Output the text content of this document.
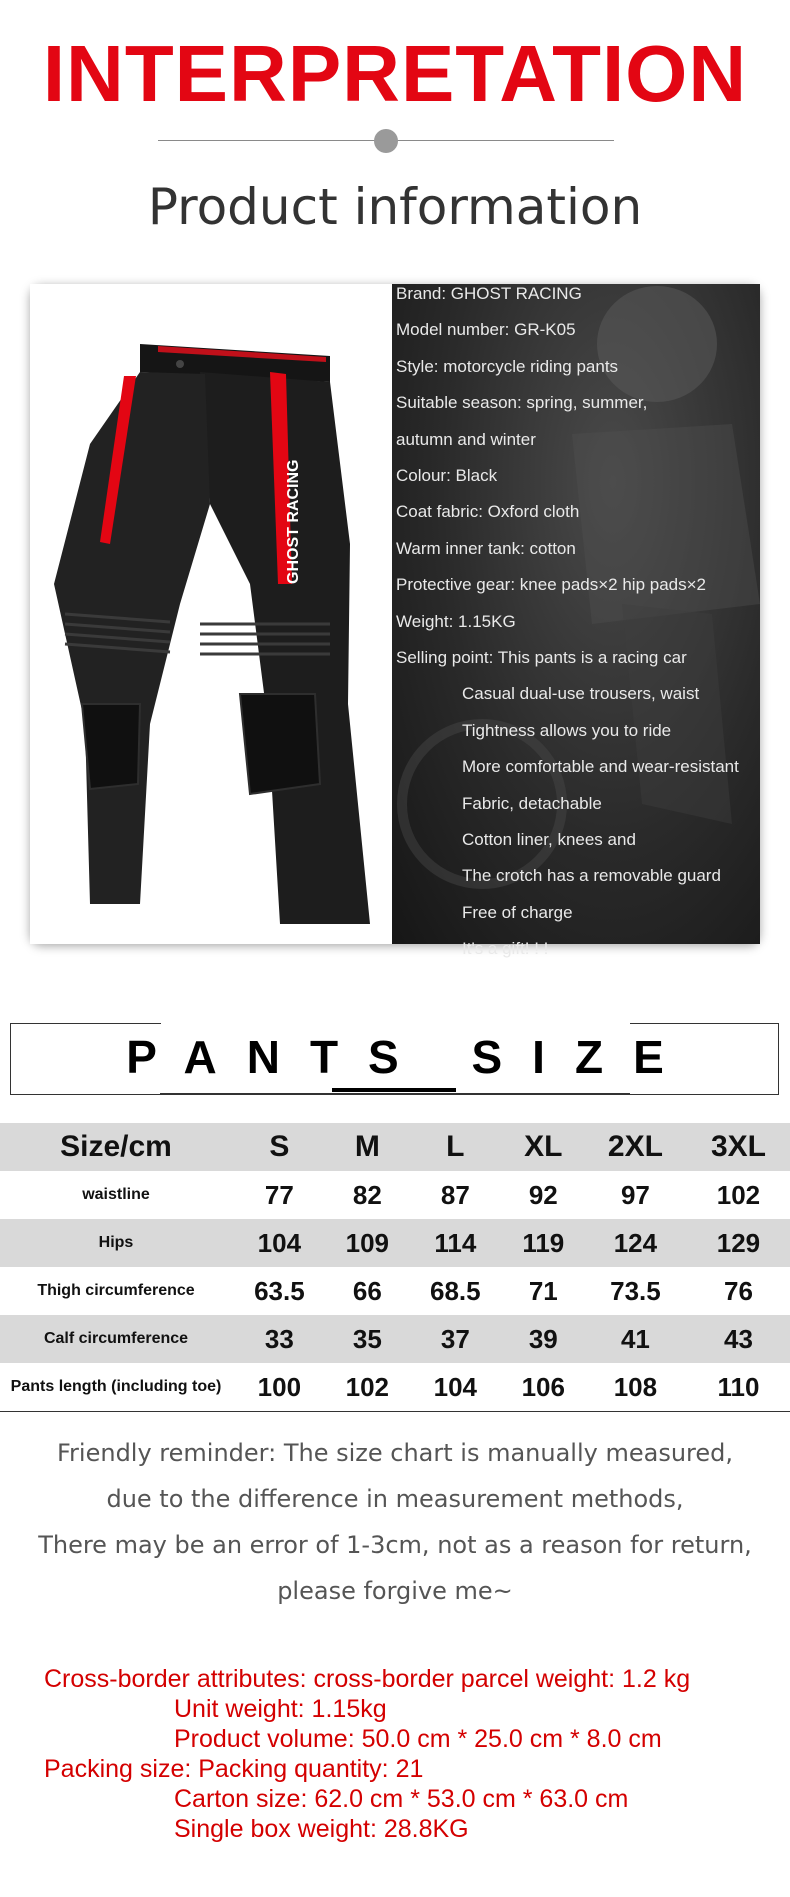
INTERPRETATION
Product information
GHOST RACING
Brand: GHOST RACING
Model number: GR-K05
Style: motorcycle riding pants
Suitable season: spring, summer,
autumn and winter
Colour: Black
Coat fabric: Oxford cloth
Warm inner tank: cotton
Protective gear: knee pads×2 hip pads×2
Weight: 1.15KG
Selling point: This pants is a racing car
Casual dual-use trousers, waist
Tightness allows you to ride
More comfortable and wear-resistant
Fabric, detachable
Cotton liner, knees and
The crotch has a removable guard
Free of charge
It's a gift! ! !
PANTS SIZE
Size/cm	S	M	L	XL	2XL	3XL
waistline	77	82	87	92	97	102
Hips	104	109	114	119	124	129
Thigh circumference	63.5	66	68.5	71	73.5	76
Calf circumference	33	35	37	39	41	43
Pants length (including toe)	100	102	104	106	108	110
Friendly reminder: The size chart is manually measured,
due to the difference in measurement methods,
There may be an error of 1-3cm, not as a reason for return,
please forgive me~
Cross-border attributes: cross-border parcel weight: 1.2 kg
Unit weight: 1.15kg
Product volume: 50.0 cm * 25.0 cm * 8.0 cm
Packing size: Packing quantity: 21
Carton size: 62.0 cm * 53.0 cm * 63.0 cm
Single box weight: 28.8KG
